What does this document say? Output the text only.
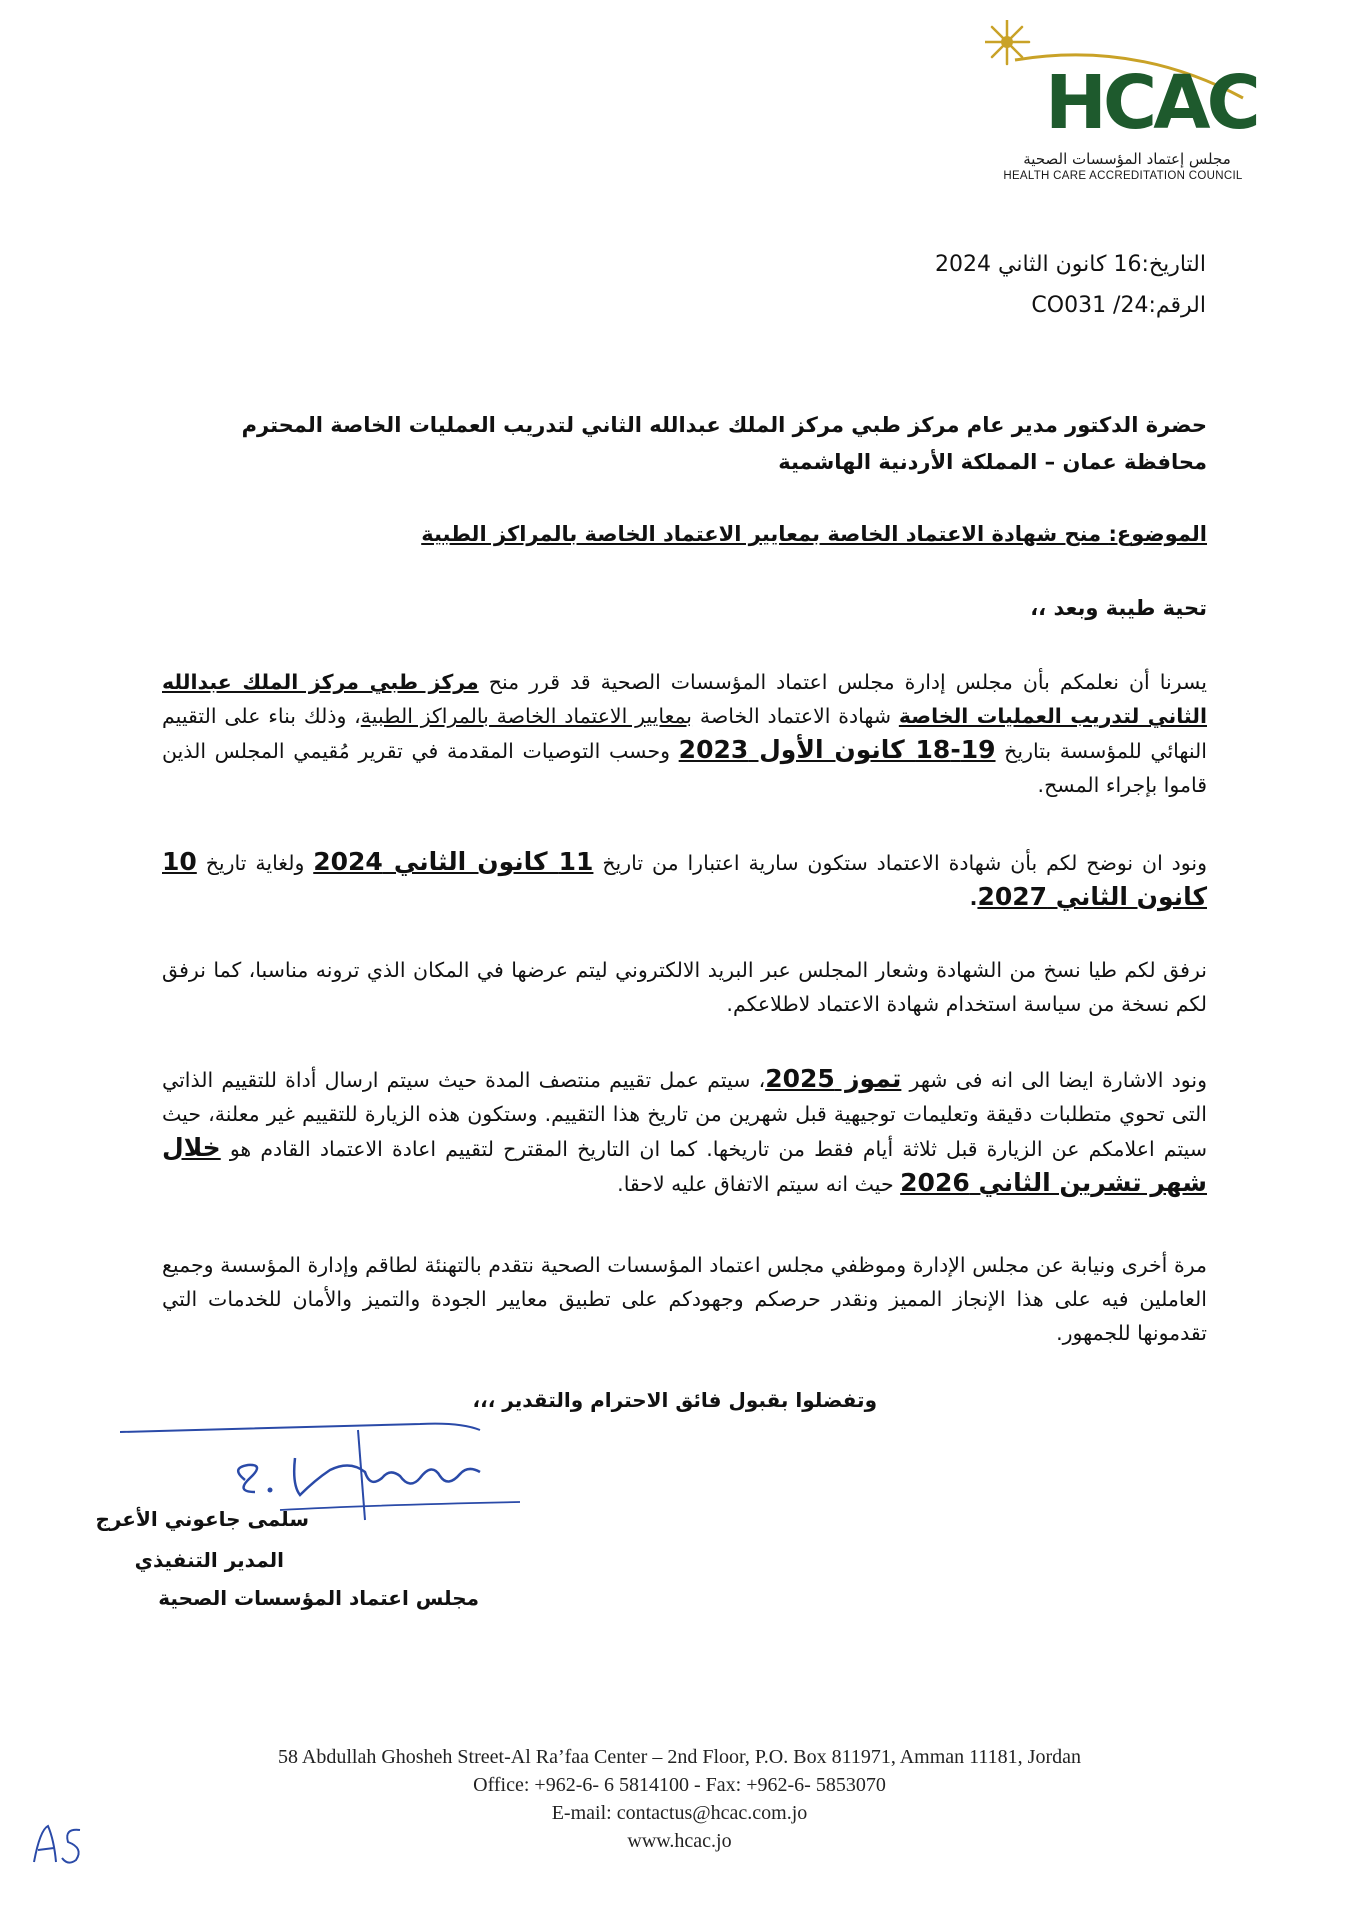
HCAC
مجلس إعتماد المؤسسات الصحية
HEALTH CARE ACCREDITATION COUNCIL
التاريخ:16 كانون الثاني 2024
الرقم:24/ CO031
حضرة الدكتور مدير عام مركز طبي مركز الملك عبدالله الثاني لتدريب العمليات الخاصة المحترم
محافظة عمان – المملكة الأردنية الهاشمية
الموضوع: منح شهادة الاعتماد الخاصة بمعايير الاعتماد الخاصة بالمراكز الطبية
تحية طيبة وبعد ،،
يسرنا أن نعلمكم بأن مجلس إدارة مجلس اعتماد المؤسسات الصحية قد قرر منح مركز طبي مركز الملك عبدالله الثاني لتدريب العمليات الخاصة شهادة الاعتماد الخاصة بمعايير الاعتماد الخاصة بالمراكز الطبية، وذلك بناء على التقييم النهائي للمؤسسة بتاريخ 19-18 كانون الأول 2023 وحسب التوصيات المقدمة في تقرير مُقيمي المجلس الذين قاموا بإجراء المسح.
ونود ان نوضح لكم بأن شهادة الاعتماد ستكون سارية اعتبارا من تاريخ 11 كانون الثاني 2024 ولغاية تاريخ 10 كانون الثاني 2027.
نرفق لكم طيا نسخ من الشهادة وشعار المجلس عبر البريد الالكتروني ليتم عرضها في المكان الذي ترونه مناسبا، كما نرفق لكم نسخة من سياسة استخدام شهادة الاعتماد لاطلاعكم.
ونود الاشارة ايضا الى انه فى شهر تموز 2025، سيتم عمل تقييم منتصف المدة حيث سيتم ارسال أداة للتقييم الذاتي التى تحوي متطلبات دقيقة وتعليمات توجيهية قبل شهرين من تاريخ هذا التقييم. وستكون هذه الزيارة للتقييم غير معلنة، حيث سيتم اعلامكم عن الزيارة قبل ثلاثة أيام فقط من تاريخها. كما ان التاريخ المقترح لتقييم اعادة الاعتماد القادم هو خلال شهر تشرين الثاني 2026 حيث انه سيتم الاتفاق عليه لاحقا.
مرة أخرى ونيابة عن مجلس الإدارة وموظفي مجلس اعتماد المؤسسات الصحية نتقدم بالتهنئة لطاقم وإدارة المؤسسة وجميع العاملين فيه على هذا الإنجاز المميز ونقدر حرصكم وجهودكم على تطبيق معايير الجودة والتميز والأمان للخدمات التي تقدمونها للجمهور.
وتفضلوا بقبول فائق الاحترام والتقدير ،،،
سلمى جاعوني الأعرج
المدير التنفيذي
مجلس اعتماد المؤسسات الصحية
58 Abdullah Ghosheh Street-Al Ra’faa Center – 2nd Floor, P.O. Box 811971, Amman 11181, Jordan
Office: +962-6- 6 5814100 - Fax: +962-6- 5853070
E-mail: contactus@hcac.com.jo
www.hcac.jo
